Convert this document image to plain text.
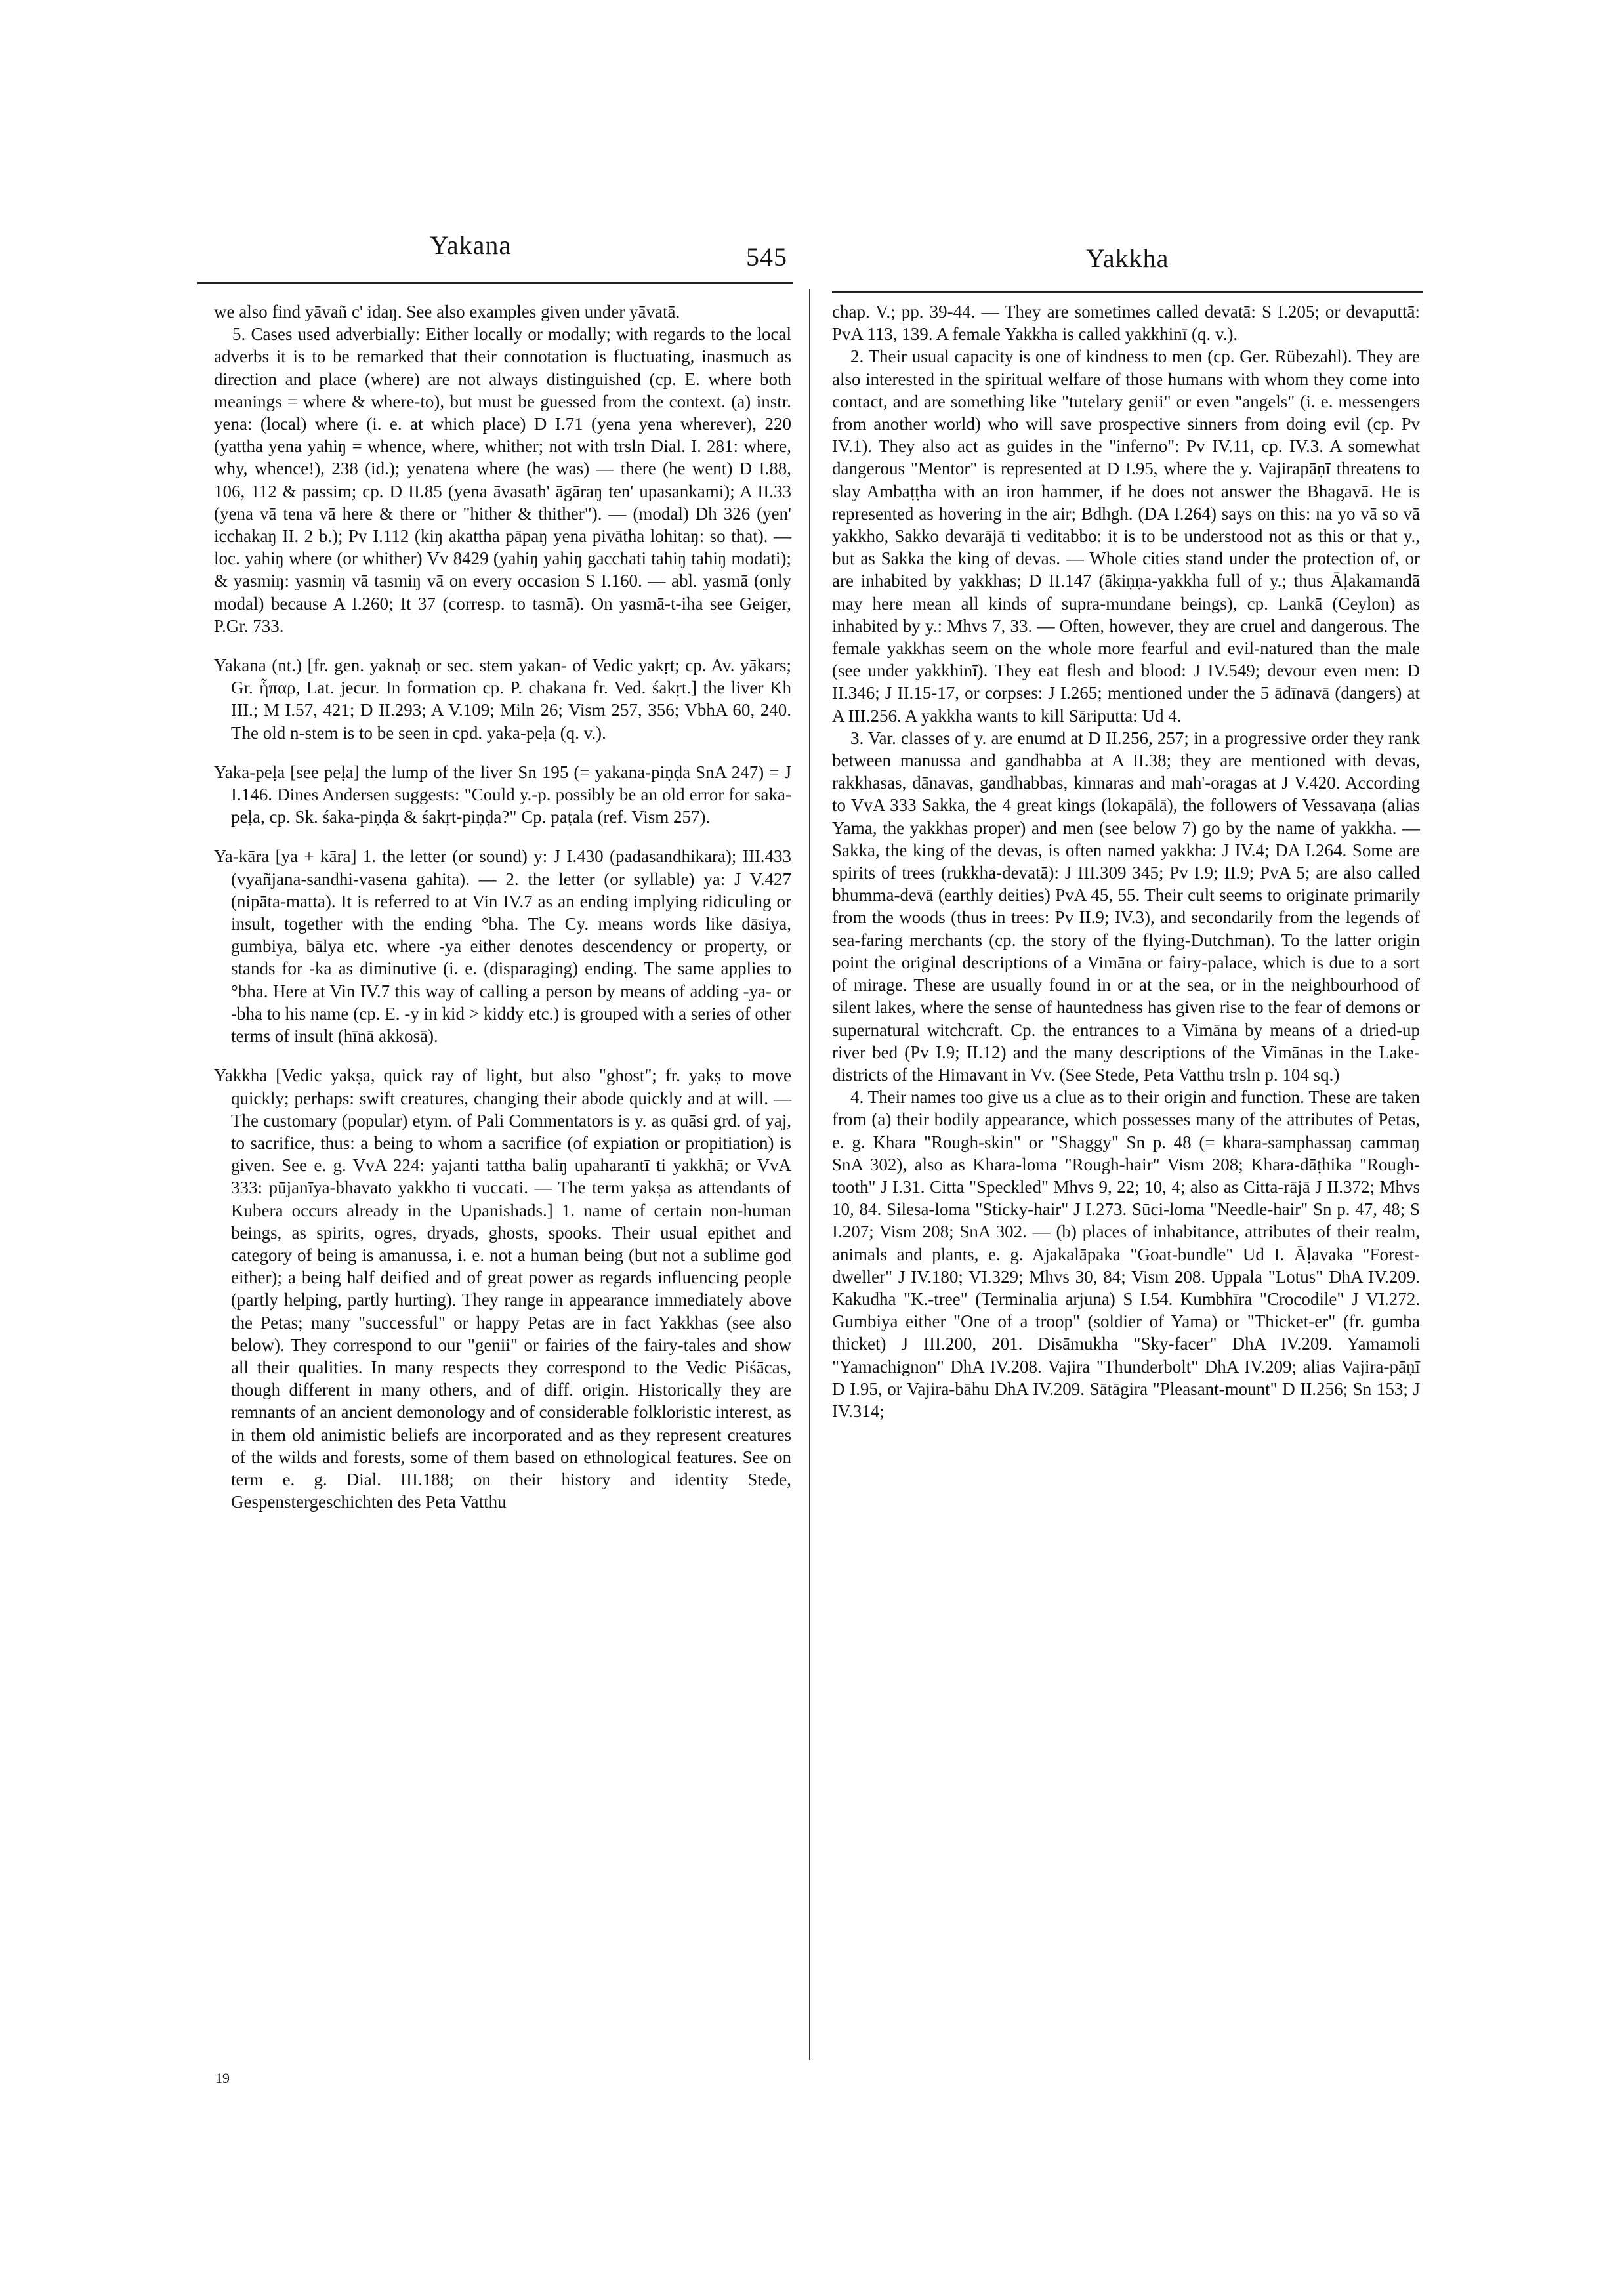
Yakana	545	Yakkha

we also find yāvañ c' idaŋ. See also examples given under yāvatā.

5. Cases used adverbially: Either locally or modally; with regards to the local adverbs it is to be remarked that their connotation is fluctuating, inasmuch as direction and place (where) are not always distinguished (cp. E. where both meanings = where & where-to), but must be guessed from the context. (a) instr. yena: (local) where (i. e. at which place) D I.71 (yena yena wherever), 220 (yattha yena yahiŋ = whence, where, whither; not with trsln Dial. I. 281: where, why, whence!), 238 (id.); yenatena where (he was) — there (he went) D I.88, 106, 112 & passim; cp. D II.85 (yena āvasath' āgāraŋ ten' upasankami); A II.33 (yena vā tena vā here & there or "hither & thither"). — (modal) Dh 326 (yen' icchakaŋ II. 2 b.); Pv I.112 (kiŋ akattha pāpaŋ yena pivātha lohitaŋ: so that). — loc. yahiŋ where (or whither) Vv 8429 (yahiŋ yahiŋ gacchati tahiŋ tahiŋ modati); & yasmiŋ: yasmiŋ vā tasmiŋ vā on every occasion S I.160. — abl. yasmā (only modal) because A I.260; It 37 (corresp. to tasmā). On yasmā-t-iha see Geiger, P.Gr. 733.

Yakana (nt.) [fr. gen. yaknaḥ or sec. stem yakan- of Vedic yakṛt; cp. Av. yākars; Gr. ἧπαρ, Lat. jecur. In formation cp. P. chakana fr. Ved. śakṛt.] the liver Kh III.; M I.57, 421; D II.293; A V.109; Miln 26; Vism 257, 356; VbhA 60, 240. The old n-stem is to be seen in cpd. yaka-peḷa (q. v.).

Yaka-peḷa [see peḷa] the lump of the liver Sn 195 (= yakana-piṇḍa SnA 247) = J I.146. Dines Andersen suggests: "Could y.-p. possibly be an old error for saka-peḷa, cp. Sk. śaka-piṇḍa & śakṛt-piṇḍa?" Cp. paṭala (ref. Vism 257).

Ya-kāra [ya + kāra] 1. the letter (or sound) y: J I.430 (padasandhikara); III.433 (vyañjana-sandhi-vasena gahita). — 2. the letter (or syllable) ya: J V.427 (nipāta-matta). It is referred to at Vin IV.7 as an ending implying ridiculing or insult, together with the ending °bha. The Cy. means words like dāsiya, gumbiya, bālya etc. where -ya either denotes descendency or property, or stands for -ka as diminutive (i. e. (disparaging) ending. The same applies to °bha. Here at Vin IV.7 this way of calling a person by means of adding -ya- or -bha to his name (cp. E. -y in kid > kiddy etc.) is grouped with a series of other terms of insult (hīnā akkosā).

Yakkha [Vedic yakṣa, quick ray of light, but also "ghost"; fr. yakṣ to move quickly; perhaps: swift creatures, changing their abode quickly and at will. — The customary (popular) etym. of Pali Commentators is y. as quāsi grd. of yaj, to sacrifice, thus: a being to whom a sacrifice (of expiation or propitiation) is given. See e. g. VvA 224: yajanti tattha baliŋ upaharantī ti yakkhā; or VvA 333: pūjanīya-bhavato yakkho ti vuccati. — The term yakṣa as attendants of Kubera occurs already in the Upanishads.] 1. name of certain non-human beings, as spirits, ogres, dryads, ghosts, spooks. Their usual epithet and category of being is amanussa, i. e. not a human being (but not a sublime god either); a being half deified and of great power as regards influencing people (partly helping, partly hurting). They range in appearance immediately above the Petas; many "successful" or happy Petas are in fact Yakkhas (see also below). They correspond to our "genii" or fairies of the fairy-tales and show all their qualities. In many respects they correspond to the Vedic Piśācas, though different in many others, and of diff. origin. Historically they are remnants of an ancient demonology and of considerable folkloristic interest, as in them old animistic beliefs are incorporated and as they represent creatures of the wilds and forests, some of them based on ethnological features. See on term e. g. Dial. III.188; on their history and identity Stede, Gespenstergeschichten des Peta Vatthu

chap. V.; pp. 39-44. — They are sometimes called devatā: S I.205; or devaputtā: PvA 113, 139. A female Yakkha is called yakkhinī (q. v.).

2. Their usual capacity is one of kindness to men (cp. Ger. Rübezahl). They are also interested in the spiritual welfare of those humans with whom they come into contact, and are something like "tutelary genii" or even "angels" (i. e. messengers from another world) who will save prospective sinners from doing evil (cp. Pv IV.1). They also act as guides in the "inferno": Pv IV.11, cp. IV.3. A somewhat dangerous "Mentor" is represented at D I.95, where the y. Vajirapāṇī threatens to slay Ambaṭṭha with an iron hammer, if he does not answer the Bhagavā. He is represented as hovering in the air; Bdhgh. (DA I.264) says on this: na yo vā so vā yakkho, Sakko devarājā ti veditabbo: it is to be understood not as this or that y., but as Sakka the king of devas. — Whole cities stand under the protection of, or are inhabited by yakkhas; D II.147 (ākiṇṇa-yakkha full of y.; thus Āḷakamandā may here mean all kinds of supra-mundane beings), cp. Lankā (Ceylon) as inhabited by y.: Mhvs 7, 33. — Often, however, they are cruel and dangerous. The female yakkhas seem on the whole more fearful and evil-natured than the male (see under yakkhinī). They eat flesh and blood: J IV.549; devour even men: D II.346; J II.15-17, or corpses: J I.265; mentioned under the 5 ādīnavā (dangers) at A III.256. A yakkha wants to kill Sāriputta: Ud 4.

3. Var. classes of y. are enumd at D II.256, 257; in a progressive order they rank between manussa and gandhabba at A II.38; they are mentioned with devas, rakkhasas, dānavas, gandhabbas, kinnaras and mah'-oragas at J V.420. According to VvA 333 Sakka, the 4 great kings (lokapālā), the followers of Vessavaṇa (alias Yama, the yakkhas proper) and men (see below 7) go by the name of yakkha. — Sakka, the king of the devas, is often named yakkha: J IV.4; DA I.264. Some are spirits of trees (rukkha-devatā): J III.309 345; Pv I.9; II.9; PvA 5; are also called bhumma-devā (earthly deities) PvA 45, 55. Their cult seems to originate primarily from the woods (thus in trees: Pv II.9; IV.3), and secondarily from the legends of sea-faring merchants (cp. the story of the flying-Dutchman). To the latter origin point the original descriptions of a Vimāna or fairy-palace, which is due to a sort of mirage. These are usually found in or at the sea, or in the neighbourhood of silent lakes, where the sense of hauntedness has given rise to the fear of demons or supernatural witchcraft. Cp. the entrances to a Vimāna by means of a dried-up river bed (Pv I.9; II.12) and the many descriptions of the Vimānas in the Lake-districts of the Himavant in Vv. (See Stede, Peta Vatthu trsln p. 104 sq.)

4. Their names too give us a clue as to their origin and function. These are taken from (a) their bodily appearance, which possesses many of the attributes of Petas, e. g. Khara "Rough-skin" or "Shaggy" Sn p. 48 (= khara-samphassaŋ cammaŋ SnA 302), also as Khara-loma "Rough-hair" Vism 208; Khara-dāṭhika "Rough-tooth" J I.31. Citta "Speckled" Mhvs 9, 22; 10, 4; also as Citta-rājā J II.372; Mhvs 10, 84. Silesa-loma "Sticky-hair" J I.273. Sūci-loma "Needle-hair" Sn p. 47, 48; S I.207; Vism 208; SnA 302. — (b) places of inhabitance, attributes of their realm, animals and plants, e. g. Ajakalāpaka "Goat-bundle" Ud I. Āḷavaka "Forest-dweller" J IV.180; VI.329; Mhvs 30, 84; Vism 208. Uppala "Lotus" DhA IV.209. Kakudha "K.-tree" (Terminalia arjuna) S I.54. Kumbhīra "Crocodile" J VI.272. Gumbiya either "One of a troop" (soldier of Yama) or "Thicket-er" (fr. gumba thicket) J III.200, 201. Disāmukha "Sky-facer" DhA IV.209. Yamamoli "Yamachignon" DhA IV.208. Vajira "Thunderbolt" DhA IV.209; alias Vajira-pāṇī D I.95, or Vajira-bāhu DhA IV.209. Sātāgira "Pleasant-mount" D II.256; Sn 153; J IV.314;

19
